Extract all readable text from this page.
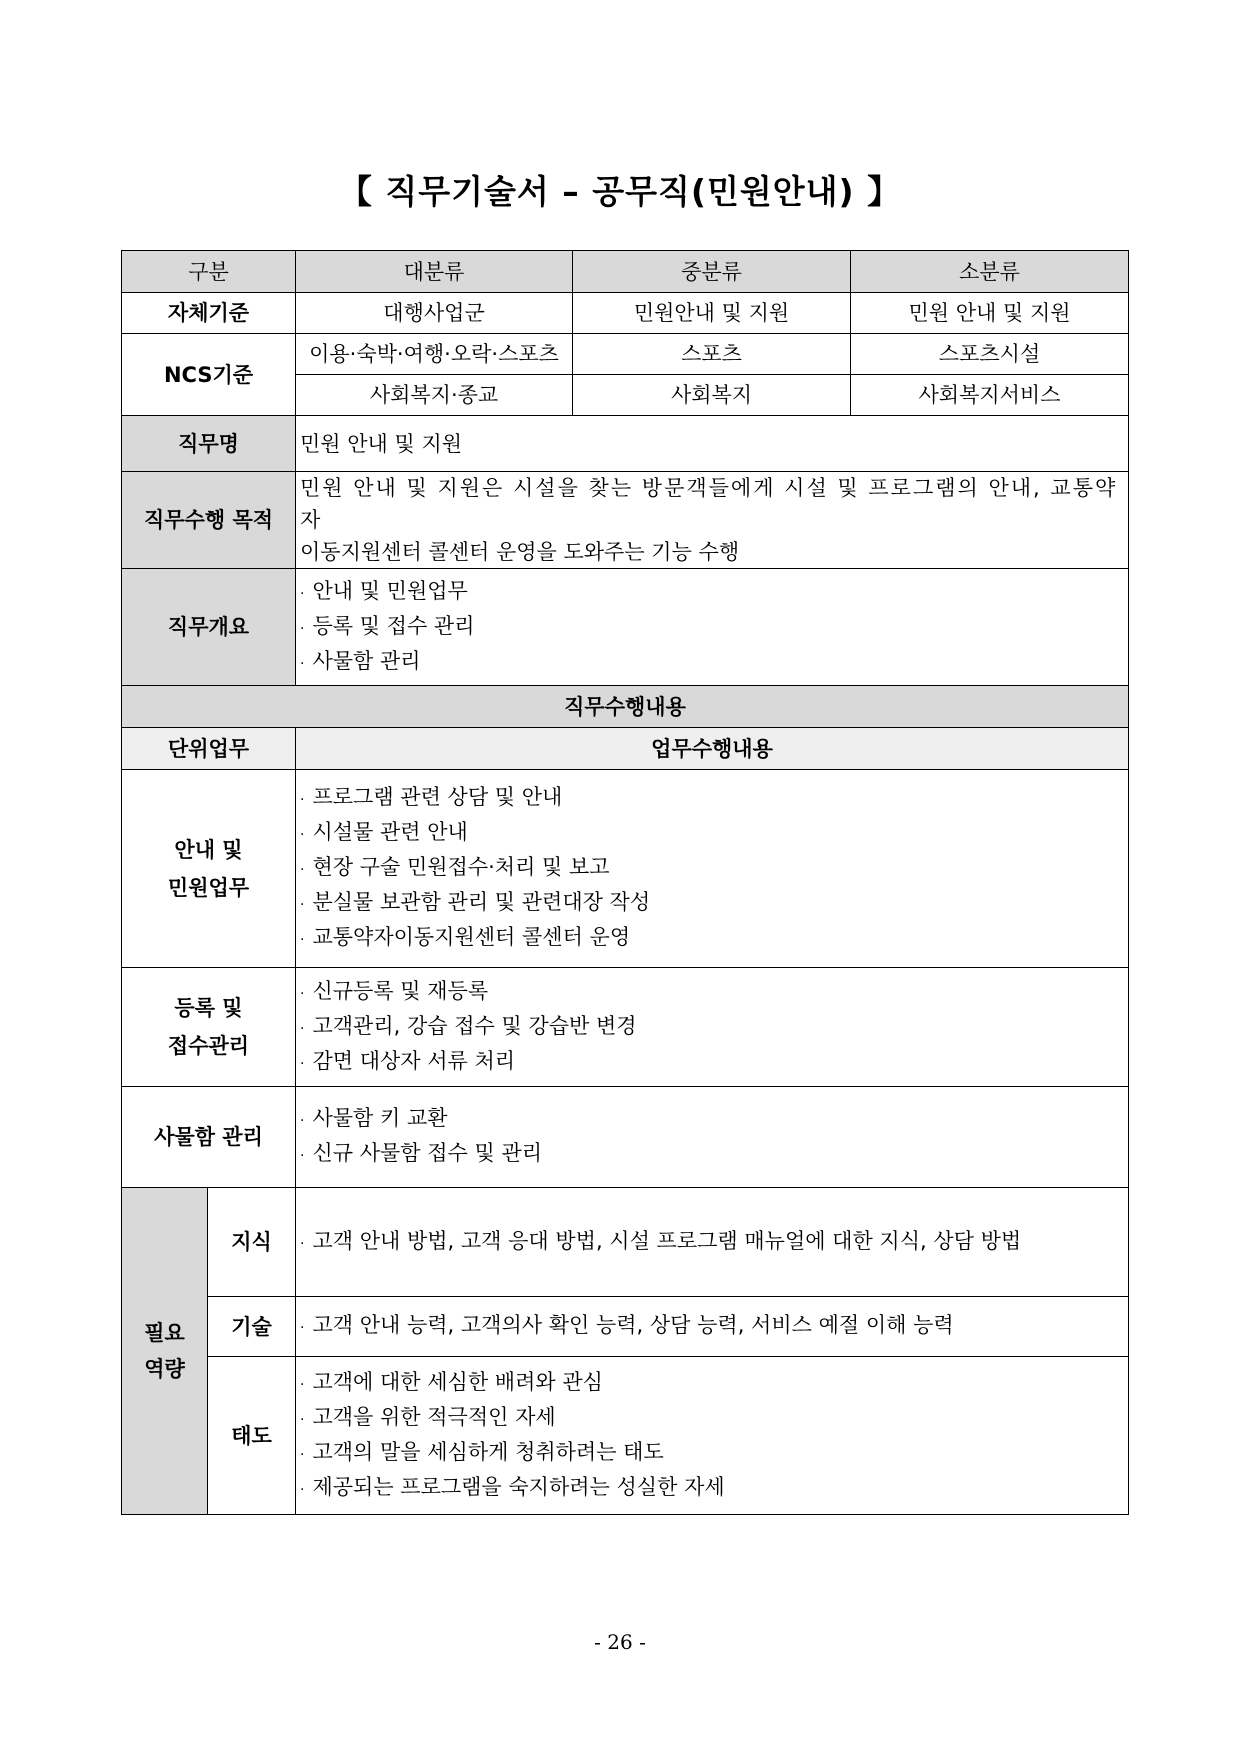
【 직무기술서 – 공무직(민원안내) 】
구분		대분류	중분류	소분류
자체기준		대행사업군	민원안내 및 지원	민원 안내 및 지원
NCS기준		이용·숙박·여행·오락·스포츠	스포츠	스포츠시설
		사회복지·종교	사회복지	사회복지서비스
직무명		민원 안내 및 지원		
직무수행 목적		민원 안내 및 지원은 시설을 찾는 방문객들에게 시설 및 프로그램의 안내, 교통약자
이동지원센터 콜센터 운영을 도와주는 기능 수행		

직무개요		· 안내 및 민원업무
· 등록 및 접수 관리
· 사물함 관리		

직무수행내용				
단위업무		업무수행내용		

안내 및
민원업무		· 프로그램 관련 상담 및 안내
· 시설물 관련 안내
· 현장 구술 민원접수·처리 및 보고
· 분실물 보관함 관리 및 관련대장 작성
· 교통약자이동지원센터 콜센터 운영		

등록 및
접수관리		· 신규등록 및 재등록
· 고객관리, 강습 접수 및 강습반 변경
· 감면 대상자 서류 처리		

사물함 관리		· 사물함 키 교환
· 신규 사물함 접수 및 관리		

필요
역량	지식	· 고객 안내 방법, 고객 응대 방법, 시설 프로그램 매뉴얼에 대한 지식, 상담 방법		

	기술	· 고객 안내 능력, 고객의사 확인 능력, 상담 능력, 서비스 예절 이해 능력		

	태도	· 고객에 대한 세심한 배려와 관심
· 고객을 위한 적극적인 자세
· 고객의 말을 세심하게 청취하려는 태도
· 제공되는 프로그램을 숙지하려는 성실한 자세		
- 26 -
